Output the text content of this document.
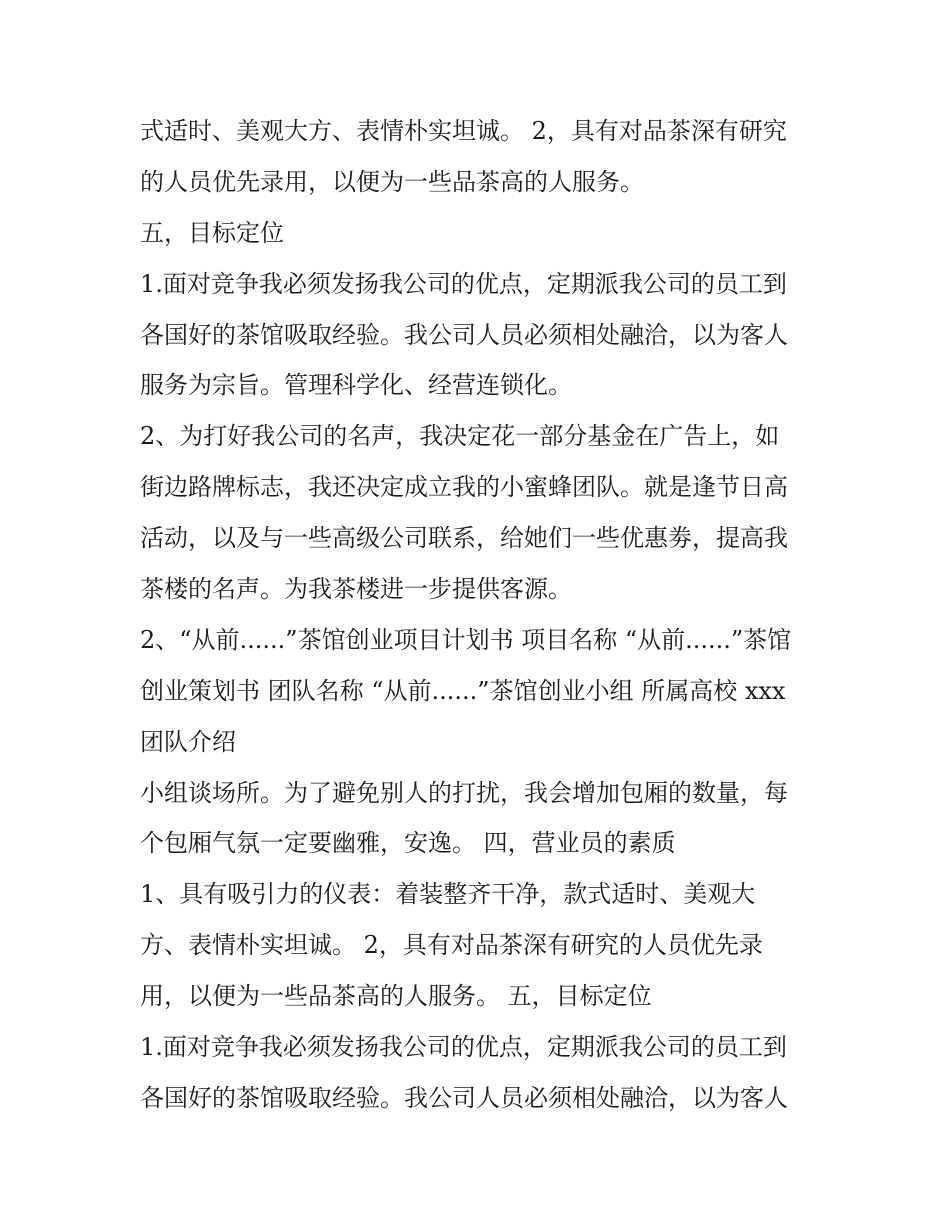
式适时、美观大方、表情朴实坦诚。 2，具有对品茶深有研究
的人员优先录用，以便为一些品茶高的人服务。
五，目标定位
1.面对竞争我必须发扬我公司的优点，定期派我公司的员工到
各国好的茶馆吸取经验。我公司人员必须相处融洽，以为客人
服务为宗旨。管理科学化、经营连锁化。
2、为打好我公司的名声，我决定花一部分基金在广告上，如
街边路牌标志，我还决定成立我的小蜜蜂团队。就是逢节日高
活动，以及与一些高级公司联系，给她们一些优惠劵，提高我
茶楼的名声。为我茶楼进一步提供客源。
2、“从前......”茶馆创业项目计划书 项目名称 “从前......”茶馆
创业策划书 团队名称 “从前......”茶馆创业小组 所属高校 xxx
团队介绍
小组谈场所。为了避免别人的打扰，我会增加包厢的数量，每
个包厢气氛一定要幽雅，安逸。 四，营业员的素质
1、具有吸引力的仪表：着装整齐干净，款式适时、美观大
方、表情朴实坦诚。 2，具有对品茶深有研究的人员优先录
用，以便为一些品茶高的人服务。 五，目标定位
1.面对竞争我必须发扬我公司的优点，定期派我公司的员工到
各国好的茶馆吸取经验。我公司人员必须相处融洽，以为客人
